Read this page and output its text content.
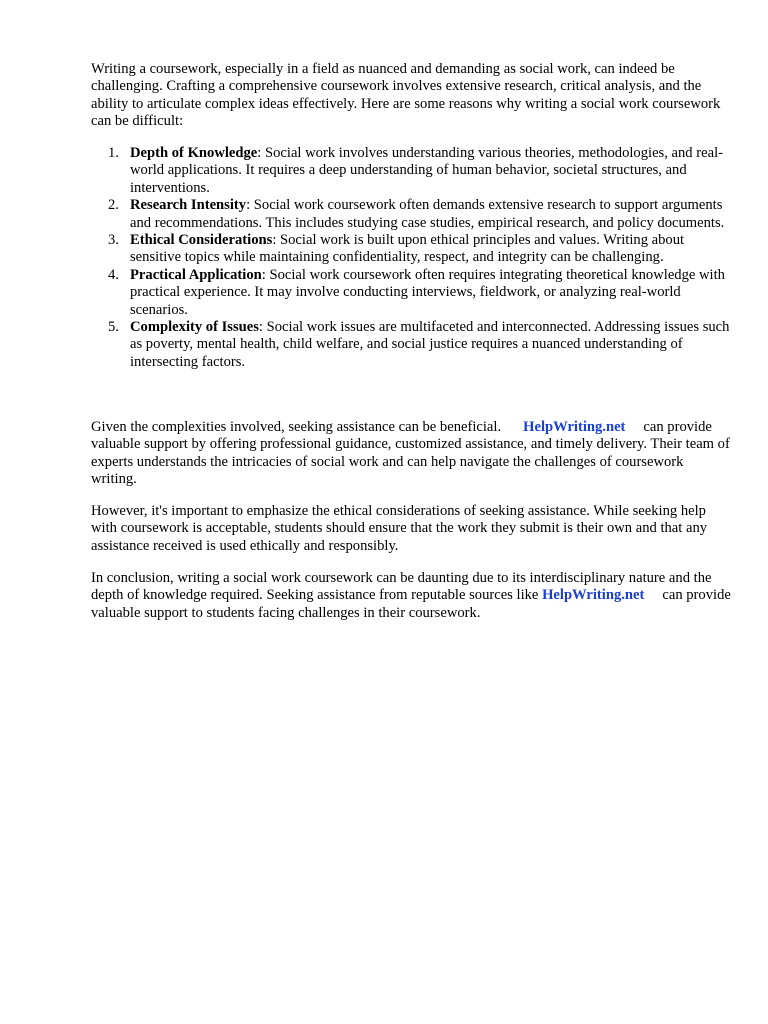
Writing a coursework, especially in a field as nuanced and demanding as social work, can indeed be challenging. Crafting a comprehensive coursework involves extensive research, critical analysis, and the ability to articulate complex ideas effectively. Here are some reasons why writing a social work coursework can be difficult:

1. Depth of Knowledge: Social work involves understanding various theories, methodologies, and real-world applications. It requires a deep understanding of human behavior, societal structures, and interventions.
2. Research Intensity: Social work coursework often demands extensive research to support arguments and recommendations. This includes studying case studies, empirical research, and policy documents.
3. Ethical Considerations: Social work is built upon ethical principles and values. Writing about sensitive topics while maintaining confidentiality, respect, and integrity can be challenging.
4. Practical Application: Social work coursework often requires integrating theoretical knowledge with practical experience. It may involve conducting interviews, fieldwork, or analyzing real-world scenarios.
5. Complexity of Issues: Social work issues are multifaceted and interconnected. Addressing issues such as poverty, mental health, child welfare, and social justice requires a nuanced understanding of intersecting factors.

Given the complexities involved, seeking assistance can be beneficial. HelpWriting.net can provide valuable support by offering professional guidance, customized assistance, and timely delivery. Their team of experts understands the intricacies of social work and can help navigate the challenges of coursework writing.

However, it's important to emphasize the ethical considerations of seeking assistance. While seeking help with coursework is acceptable, students should ensure that the work they submit is their own and that any assistance received is used ethically and responsibly.

In conclusion, writing a social work coursework can be daunting due to its interdisciplinary nature and the depth of knowledge required. Seeking assistance from reputable sources like HelpWriting.net can provide valuable support to students facing challenges in their coursework.
